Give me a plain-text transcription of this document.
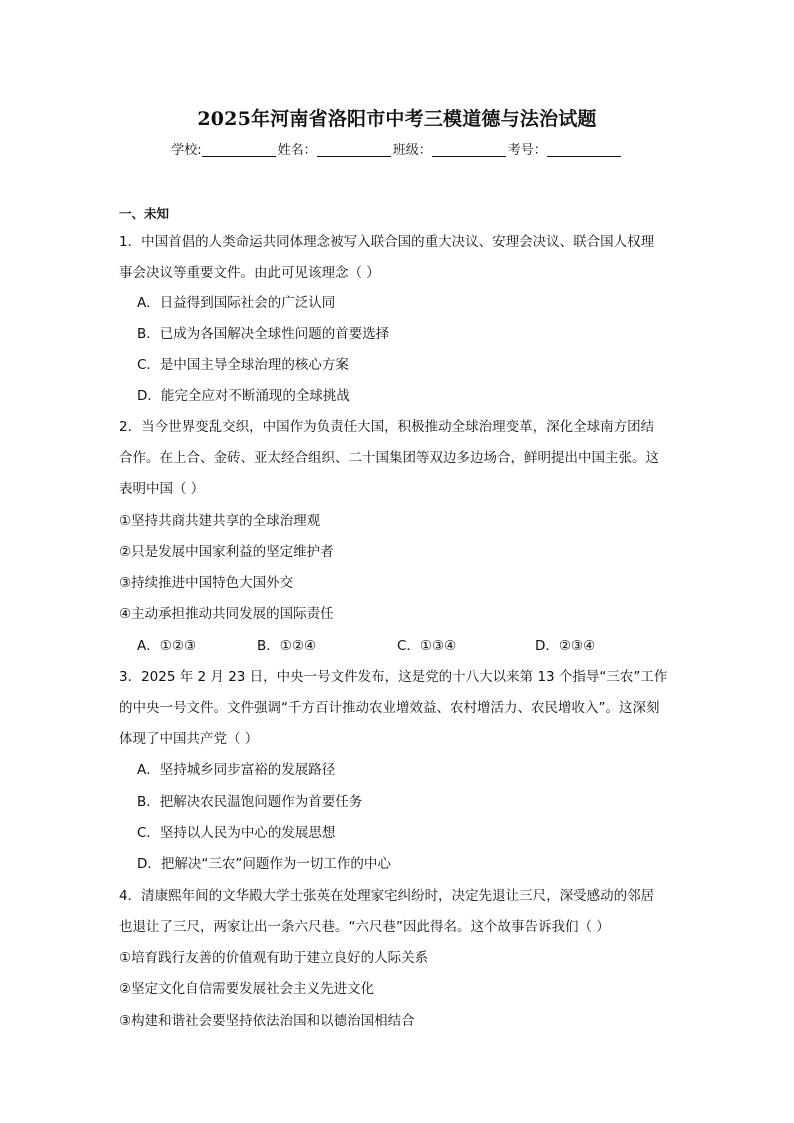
2025年河南省洛阳市中考三模道德与法治试题
学校:	姓名：	班级：	考号：
一、未知
1．中国首倡的人类命运共同体理念被写入联合国的重大决议、安理会决议、联合国人权理
事会决议等重要文件。由此可见该理念（ ）
A．日益得到国际社会的广泛认同
B．已成为各国解决全球性问题的首要选择
C．是中国主导全球治理的核心方案
D．能完全应对不断涌现的全球挑战
2．当今世界变乱交织，中国作为负责任大国，积极推动全球治理变革，深化全球南方团结
合作。在上合、金砖、亚太经合组织、二十国集团等双边多边场合，鲜明提出中国主张。这
表明中国（ ）
①坚持共商共建共享的全球治理观
②只是发展中国家利益的坚定维护者
③持续推进中国特色大国外交
④主动承担推动共同发展的国际责任
A．①②③	B．①②④	C．①③④	D．②③④
3．2025 年 2 月 23 日，中央一号文件发布，这是党的十八大以来第 13 个指导“三农”工作
的中央一号文件。文件强调“千方百计推动农业增效益、农村增活力、农民增收入”。这深刻
体现了中国共产党（ ）
A．坚持城乡同步富裕的发展路径
B．把解决农民温饱问题作为首要任务
C．坚持以人民为中心的发展思想
D．把解决“三农”问题作为一切工作的中心
4．清康熙年间的文华殿大学士张英在处理家宅纠纷时，决定先退让三尺，深受感动的邻居
也退让了三尺，两家让出一条六尺巷。“六尺巷”因此得名。这个故事告诉我们（ ）
①培育践行友善的价值观有助于建立良好的人际关系
②坚定文化自信需要发展社会主义先进文化
③构建和谐社会要坚持依法治国和以德治国相结合
